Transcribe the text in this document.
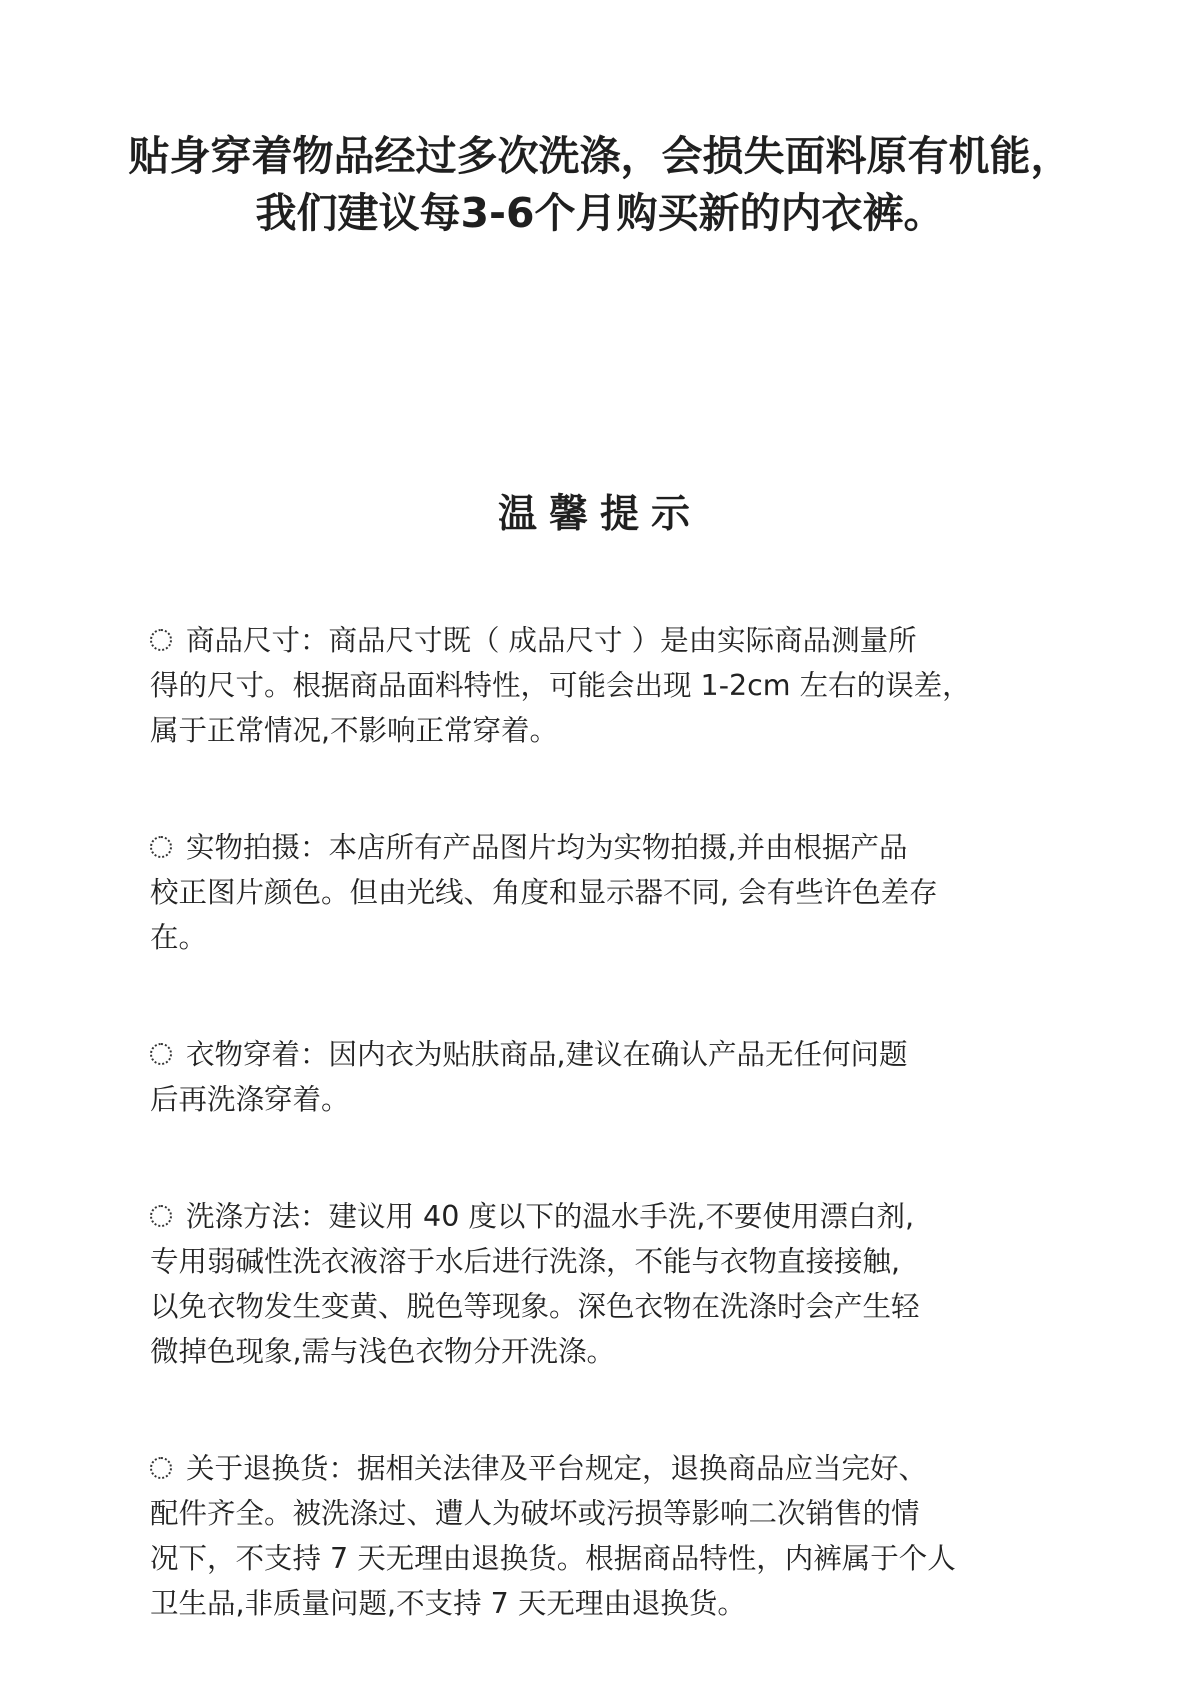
贴身穿着物品经过多次洗涤，会损失面料原有机能，
我们建议每3-6个月购买新的内衣裤。
温馨提示
商品尺寸：商品尺寸既（ 成品尺寸 ）是由实际商品测量所
得的尺寸。根据商品面料特性，可能会出现 1-2cm 左右的误差，
属于正常情况,不影响正常穿着。
实物拍摄：本店所有产品图片均为实物拍摄,并由根据产品
校正图片颜色。但由光线、角度和显示器不同, 会有些许色差存
在。
衣物穿着：因内衣为贴肤商品,建议在确认产品无任何问题
后再洗涤穿着。
洗涤方法：建议用 40 度以下的温水手洗,不要使用漂白剂,
专用弱碱性洗衣液溶于水后进行洗涤，不能与衣物直接接触,
以免衣物发生变黄、脱色等现象。深色衣物在洗涤时会产生轻
微掉色现象,需与浅色衣物分开洗涤。
关于退换货：据相关法律及平台规定，退换商品应当完好、
配件齐全。被洗涤过、遭人为破坏或污损等影响二次销售的情
况下，不支持 7 天无理由退换货。根据商品特性，内裤属于个人
卫生品,非质量问题,不支持 7 天无理由退换货。
